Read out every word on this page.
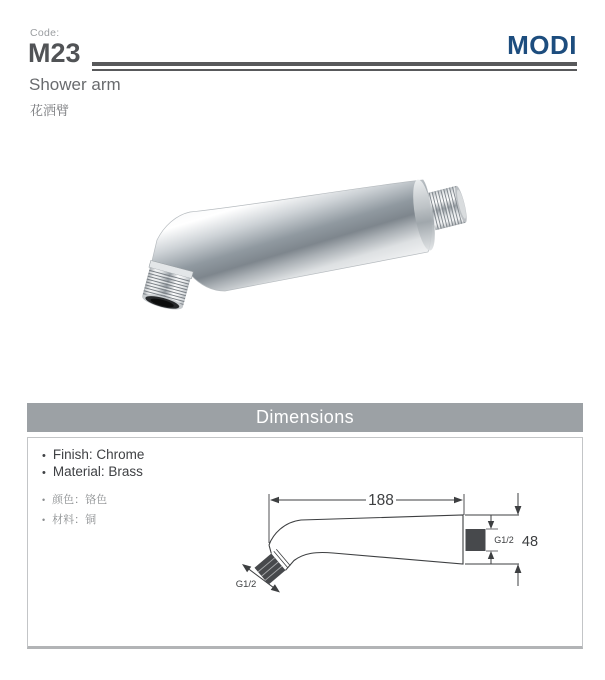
Code:
M23	MODI
Shower arm
花洒臂
Dimensions
• Finish: Chrome
• Material: Brass
• 颜色：铬色
• 材料：铜
188
G1/2
G1/2 48
